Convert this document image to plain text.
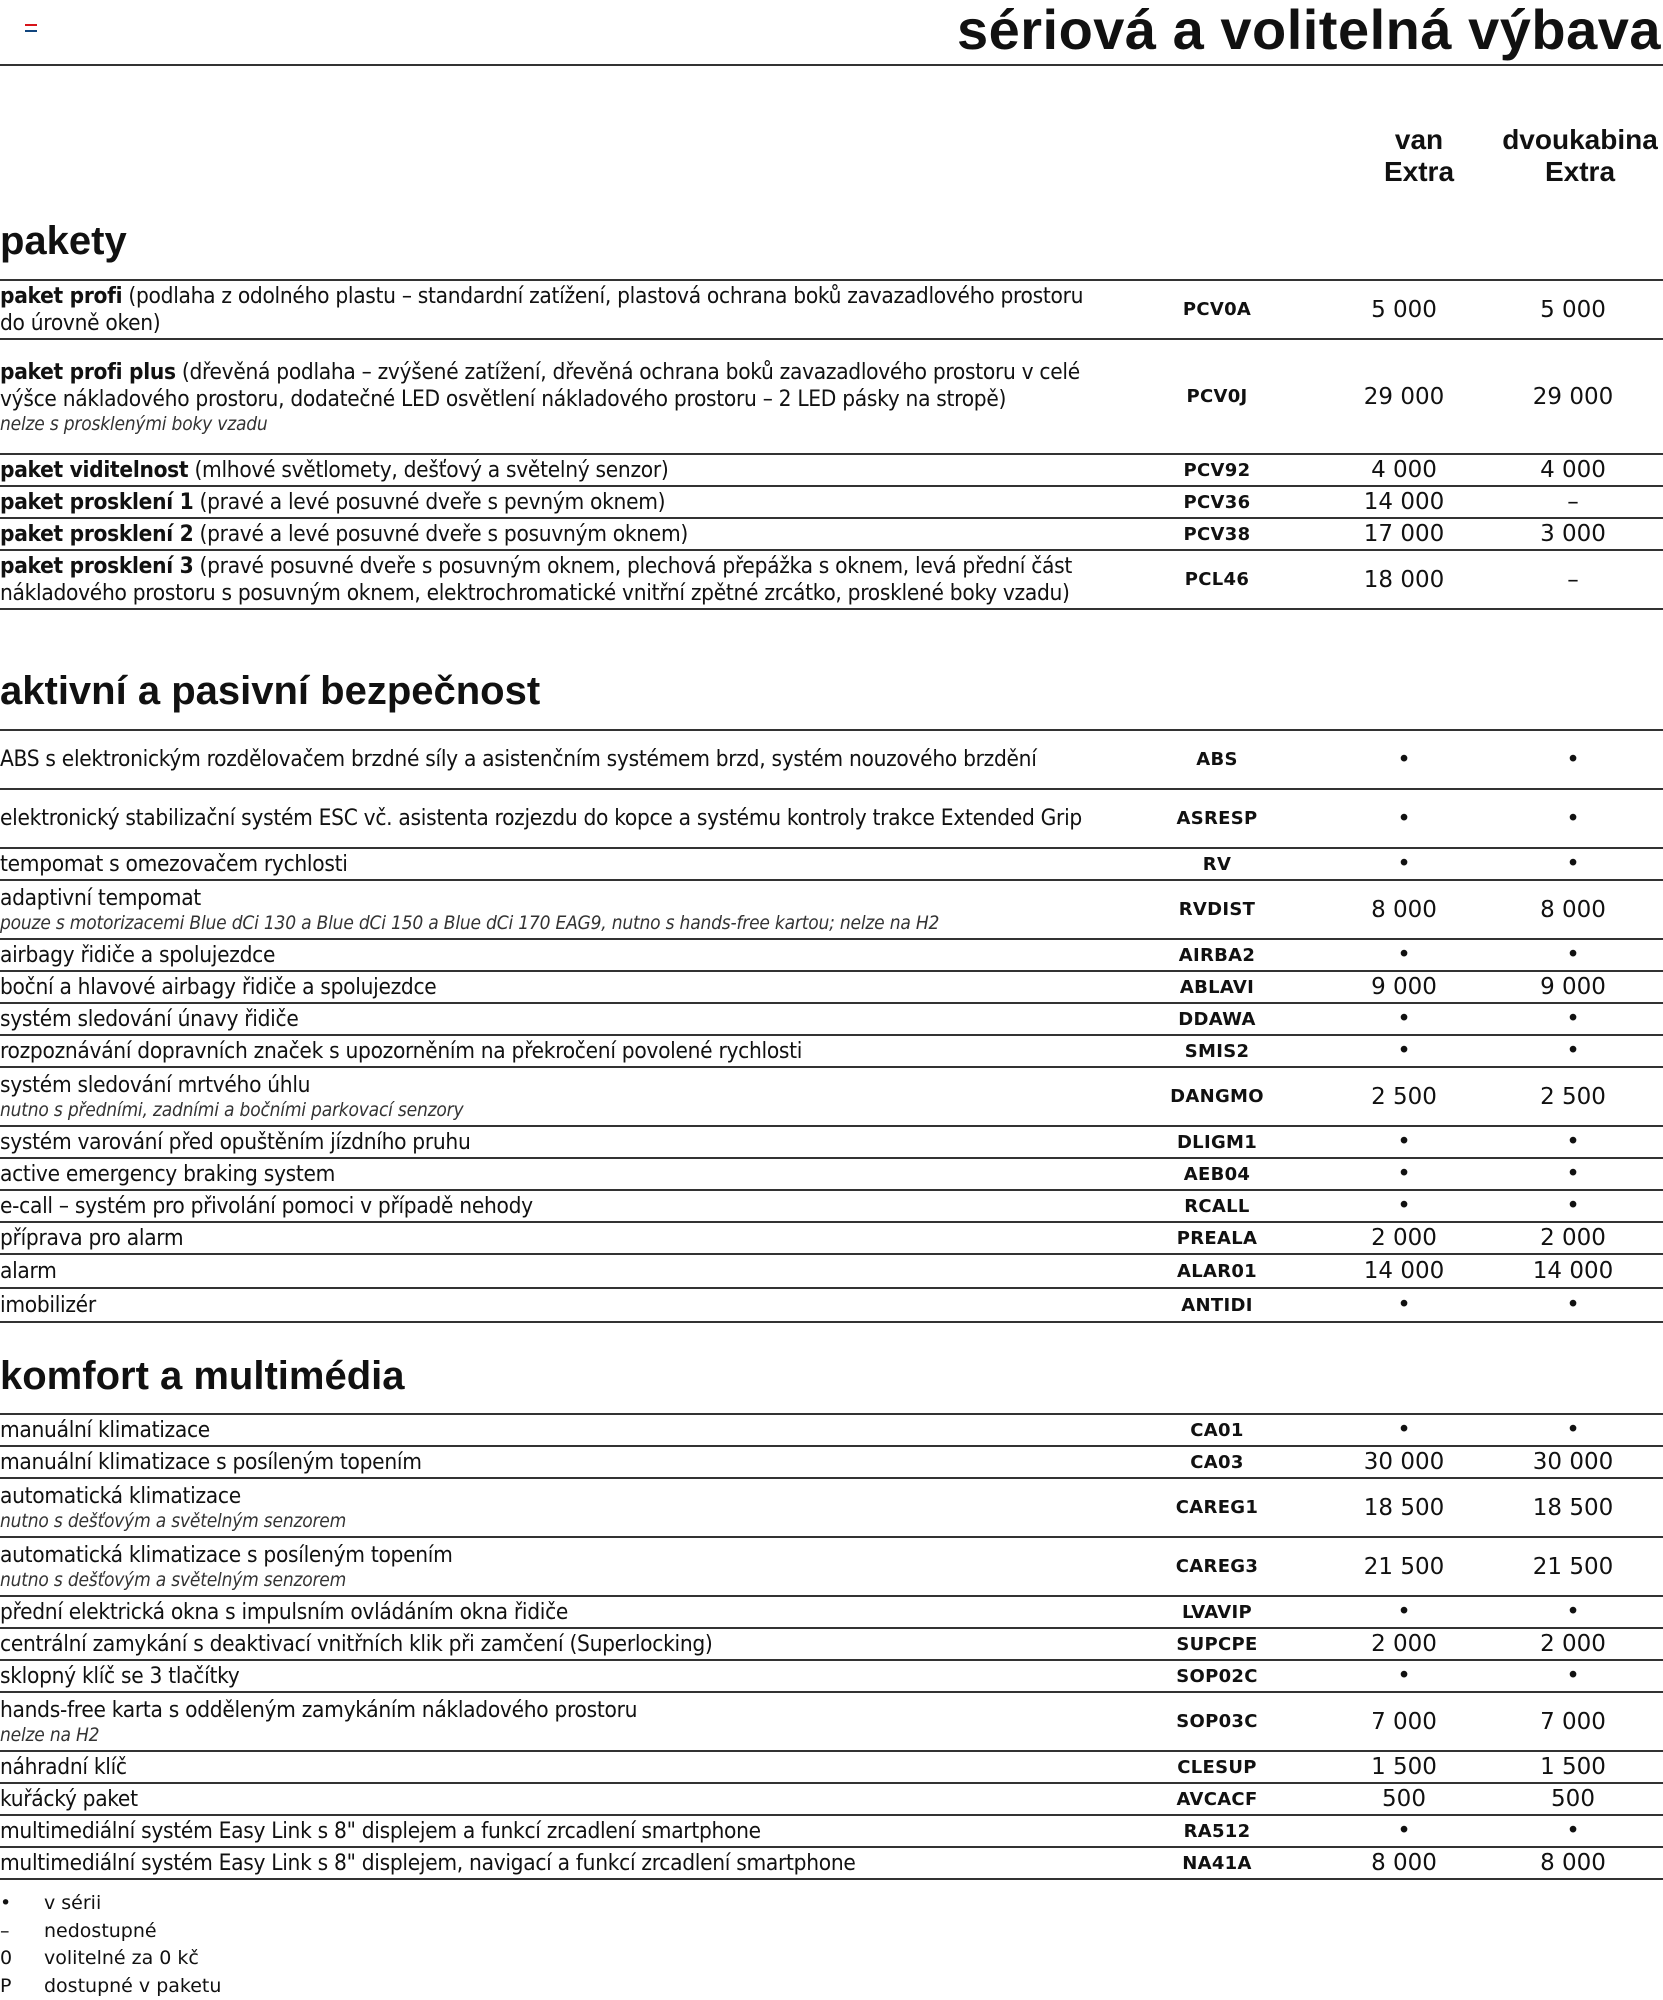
sériová a volitelná výbava
van
Extra
dvoukabina
Extra
pakety
paket profi (podlaha z odolného plastu – standardní zatížení, plastová ochrana boků zavazadlového prostoru do úrovně oken)	PCV0A	5 000	5 000
paket profi plus (dřevěná podlaha – zvýšené zatížení, dřevěná ochrana boků zavazadlového prostoru v celé výšce nákladového prostoru, dodatečné LED osvětlení nákladového prostoru – 2 LED pásky na stropě)
nelze s prosklenými boky vzadu
PCV0J	29 000	29 000
paket viditelnost (mlhové světlomety, dešťový a světelný senzor)	PCV92	4 000	4 000
paket prosklení 1 (pravé a levé posuvné dveře s pevným oknem)	PCV36	14 000	–
paket prosklení 2 (pravé a levé posuvné dveře s posuvným oknem)	PCV38	17 000	3 000
paket prosklení 3 (pravé posuvné dveře s posuvným oknem, plechová přepážka s oknem, levá přední část nákladového prostoru s posuvným oknem, elektrochromatické vnitřní zpětné zrcátko, prosklené boky vzadu)	PCL46	18 000	–
aktivní a pasivní bezpečnost
ABS s elektronickým rozdělovačem brzdné síly a asistenčním systémem brzd, systém nouzového brzdění	ABS	•	•
elektronický stabilizační systém ESC vč. asistenta rozjezdu do kopce a systému kontroly trakce Extended Grip	ASRESP	•	•
tempomat s omezovačem rychlosti	RV	•	•
adaptivní tempomat
pouze s motorizacemi Blue dCi 130 a Blue dCi 150 a Blue dCi 170 EAG9, nutno s hands-free kartou; nelze na H2
RVDIST	8 000	8 000
airbagy řidiče a spolujezdce	AIRBA2	•	•
boční a hlavové airbagy řidiče a spolujezdce	ABLAVI	9 000	9 000
systém sledování únavy řidiče	DDAWA	•	•
rozpoznávání dopravních značek s upozorněním na překročení povolené rychlosti	SMIS2	•	•
systém sledování mrtvého úhlu
nutno s předními, zadními a bočními parkovací senzory
DANGMO	2 500	2 500
systém varování před opuštěním jízdního pruhu	DLIGM1	•	•
active emergency braking system	AEB04	•	•
e-call – systém pro přivolání pomoci v případě nehody	RCALL	•	•
příprava pro alarm	PREALA	2 000	2 000
alarm	ALAR01	14 000	14 000
imobilizér	ANTIDI	•	•
komfort a multimédia
manuální klimatizace	CA01	•	•
manuální klimatizace s posíleným topením	CA03	30 000	30 000
automatická klimatizace
nutno s dešťovým a světelným senzorem
CAREG1	18 500	18 500
automatická klimatizace s posíleným topením
nutno s dešťovým a světelným senzorem
CAREG3	21 500	21 500
přední elektrická okna s impulsním ovládáním okna řidiče	LVAVIP	•	•
centrální zamykání s deaktivací vnitřních klik při zamčení (Superlocking)	SUPCPE	2 000	2 000
sklopný klíč se 3 tlačítky	SOP02C	•	•
hands-free karta s odděleným zamykáním nákladového prostoru
nelze na H2
SOP03C	7 000	7 000
náhradní klíč	CLESUP	1 500	1 500
kuřácký paket	AVCACF	500	500
multimediální systém Easy Link s 8" displejem a funkcí zrcadlení smartphone	RA512	•	•
multimediální systém Easy Link s 8" displejem, navigací a funkcí zrcadlení smartphone	NA41A	8 000	8 000
•	v sérii
–	nedostupné
0	volitelné za 0 kč
P	dostupné v paketu
